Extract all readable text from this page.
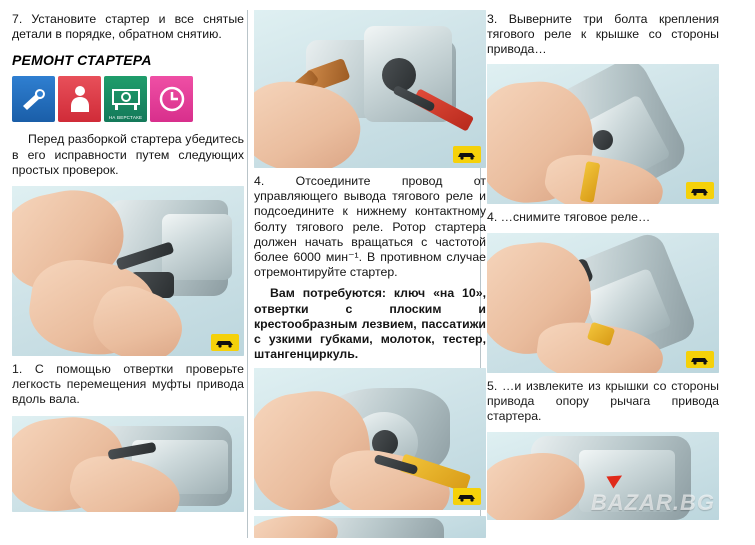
7. Установите стартер и все снятые детали в порядке, обратном снятию.

РЕМОНТ СТАРТЕРА
НА ВЕРСТАКЕ

Перед разборкой стартера убедитесь в его исправности путем следующих простых проверок.

1. С помощью отвертки проверьте легкость перемещения муфты привода вдоль вала.

4. Отсоедините провод от управляющего вывода тягового реле и подсоедините к нижнему контактному болту тягового реле. Ротор стартера должен начать вращаться с частотой более 6000 мин⁻¹. В противном случае отремонтируйте стартер.

Вам потребуются: ключ «на 10», отвертки с плоским и крестообразным лезвием, пассатижи с узкими губками, молоток, тестер, штангенциркуль.

3. Выверните три болта крепления тягового реле к крышке со стороны привода…

4. …снимите тяговое реле…

5. …и извлеките из крышки со стороны привода опору рычага привода стартера.

BAZAR.BG
